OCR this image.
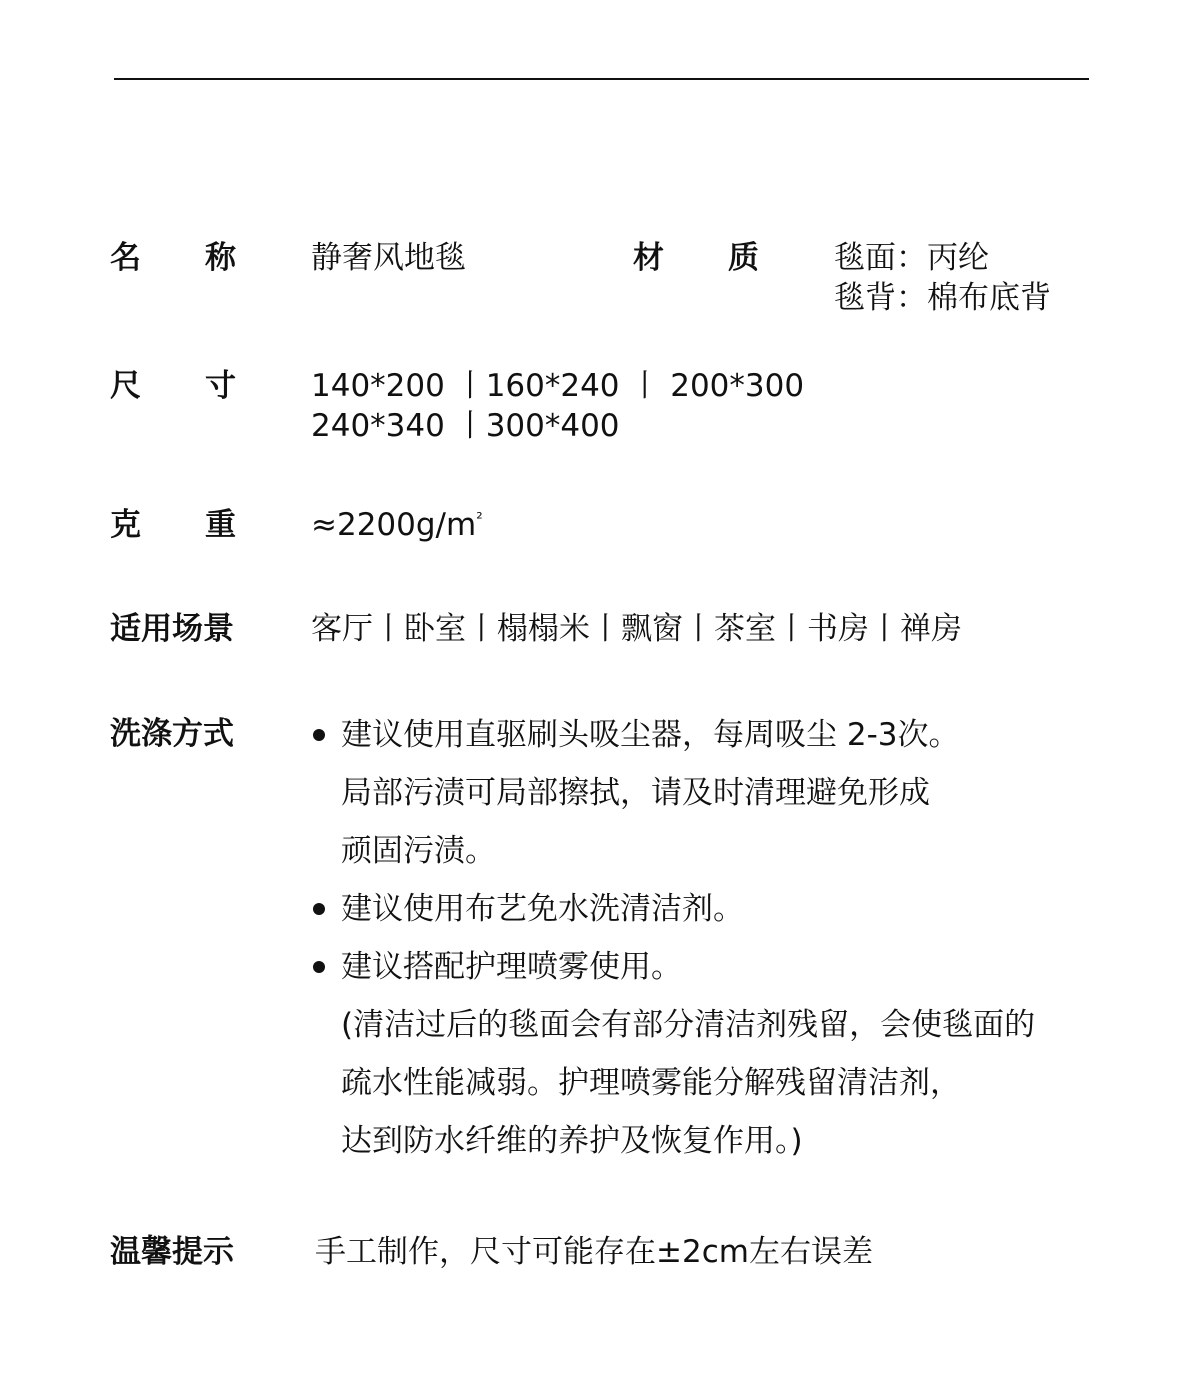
名 称 静奢风地毯	材 质 毯面：丙纶
毯背：棉布底背
尺 寸 140*200 丨160*240 丨 200*300
240*340 丨300*400
克 重 $\approx 2200g/m^{^2}$
适用场景 客厅丨卧室丨榻榻米丨飘窗丨茶室丨书房丨禅房
洗涤方式	建议使用直驱刷头吸尘器，每周吸尘 2-3次。
局部污渍可局部擦拭，请及时清理避免形成
顽固污渍。
建议使用布艺免水洗清洁剂。
建议搭配护理喷雾使用。
(清洁过后的毯面会有部分清洁剂残留，会使毯面的
疏水性能减弱。护理喷雾能分解残留清洁剂，
达到防水纤维的养护及恢复作用。)
温馨提示	手工制作，尺寸可能存在±2cm左右误差
